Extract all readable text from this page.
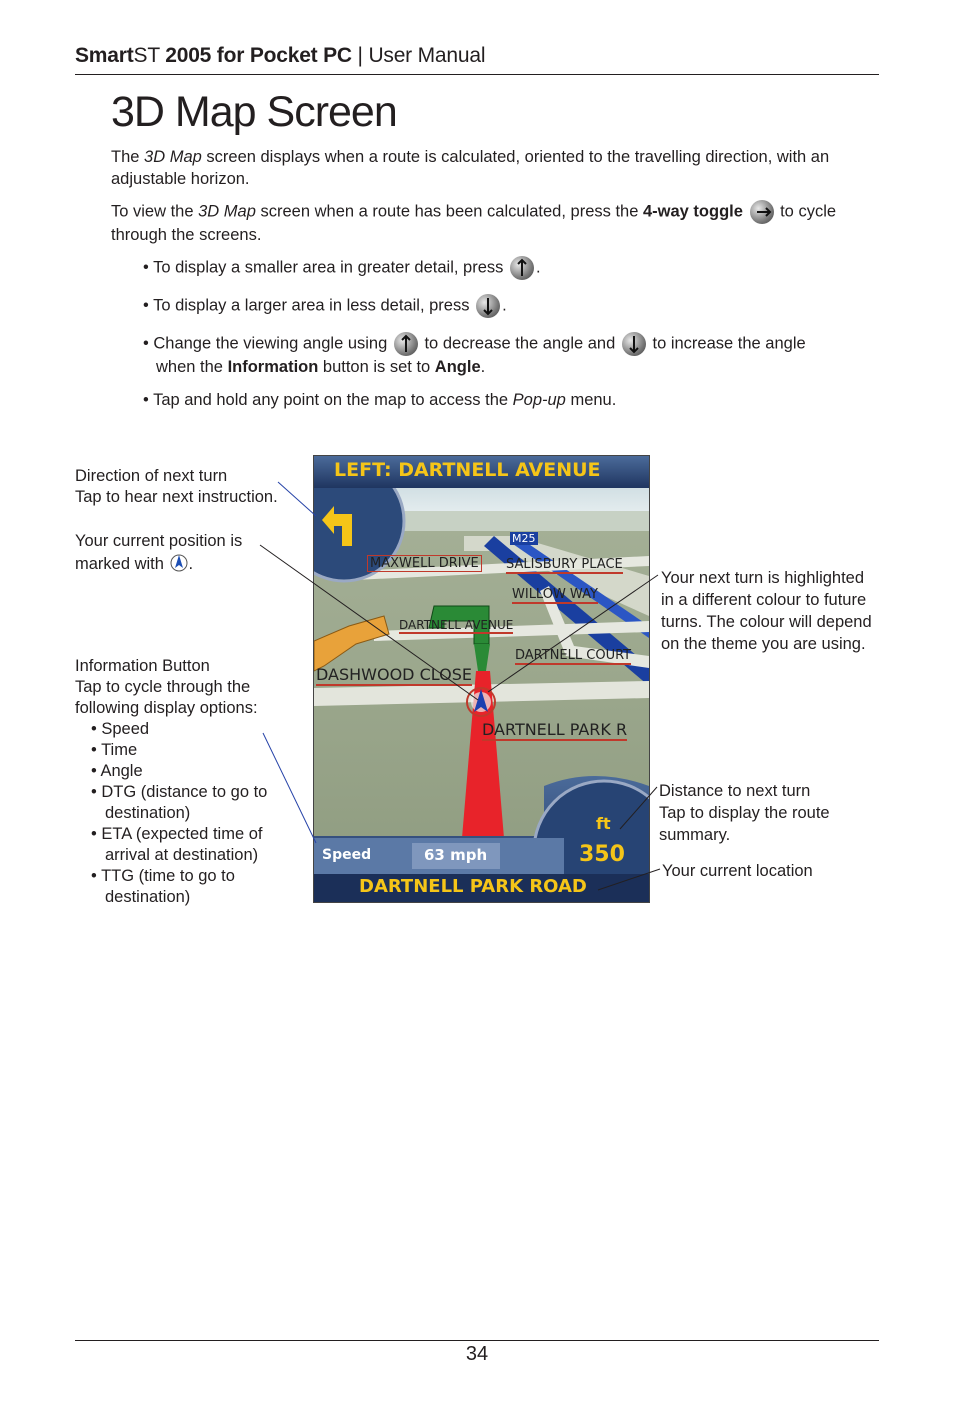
SmartST 2005 for Pocket PC | User Manual
3D Map Screen
The 3D Map screen displays when a route is calculated, oriented to the travelling direction, with an adjustable horizon.
To view the 3D Map screen when a route has been calculated, press the 4-way toggle
to cycle through the screens.
• To display a smaller area in greater detail, press .
• To display a larger area in less detail, press .
• Change the viewing angle using to decrease the angle and to increase the angle
when the Information button is set to Angle.
• Tap and hold any point on the map to access the Pop-up menu.
Direction of next turn
Tap to hear next instruction.
Your current position is
marked with .
Information Button
Tap to cycle through the
following display options:
• Speed
• Time
• Angle
• DTG (distance to go to destination)
• ETA (expected time of arrival at destination)
• TTG (time to go to destination)
Your next turn is highlighted in a different colour to future turns. The colour will depend on the theme you are using.
Distance to next turn
Tap to display the route summary.
Your current location
LEFT: DARTNELL AVENUE
M25
MAXWELL DRIVE SALISBURY PLACE
WILLOW WAY
DARTNELL AVENUE
DARTNELL COURT
DASHWOOD CLOSE
DARTNELL PARK R
Speed	63 mph
ft
350
DARTNELL PARK ROAD
34
